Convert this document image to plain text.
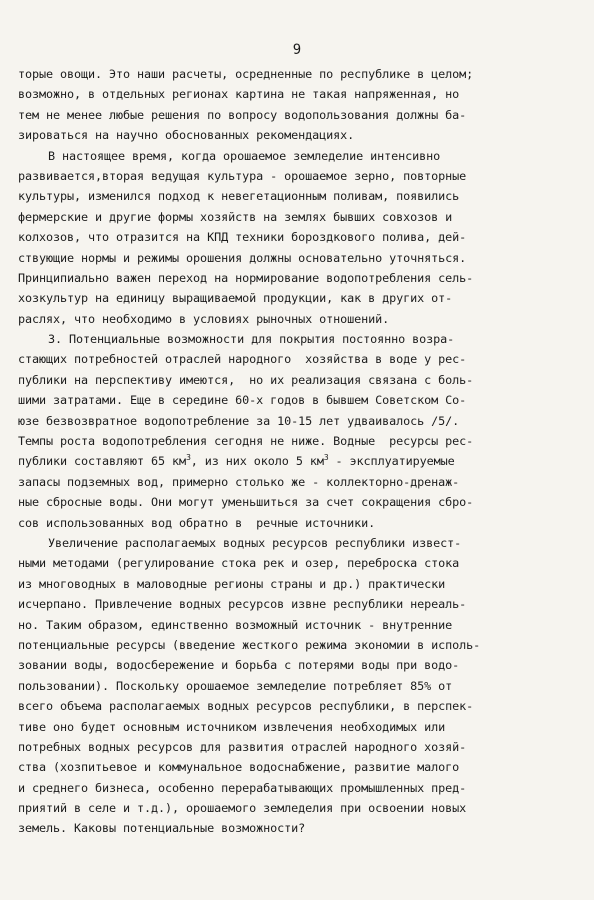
9
торые овощи. Это наши расчеты, осредненные по республике в целом;
возможно, в отдельных регионах картина не такая напряженная, но
тем не менее любые решения по вопросу водопользования должны ба-
зироваться на научно обоснованных рекомендациях.
В настоящее время, когда орошаемое земледелие интенсивно
развивается,вторая ведущая культура - орошаемое зерно, повторные
культуры, изменился подход к невегетационным поливам, появились
фермерские и другие формы хозяйств на землях бывших совхозов и
колхозов, что отразится на КПД техники бороздкового полива, дей-
ствующие нормы и режимы орошения должны основательно уточняться.
Принципиально важен переход на нормирование водопотребления сель-
хозкультур на единицу выращиваемой продукции, как в других от-
раслях, что необходимо в условиях рыночных отношений.
3. Потенциальные возможности для покрытия постоянно возра-
стающих потребностей отраслей народного  хозяйства в воде у рес-
публики на перспективу имеются,  но их реализация связана с боль-
шими затратами. Еще в середине 60-х годов в бывшем Советском Со-
юзе безвозвратное водопотребление за 10-15 лет удваивалось /5/.
Темпы роста водопотребления сегодня не ниже. Водные  ресурсы рес-
публики составляют 65 $км^3$, из них около 5 $км^3$ - эксплуатируемые
запасы подземных вод, примерно столько же - коллекторно-дренаж-
ные сбросные воды. Они могут уменьшиться за счет сокращения сбро-
сов использованных вод обратно в  речные источники.
Увеличение располагаемых водных ресурсов республики извест-
ными методами (регулирование стока рек и озер, переброска стока
из многоводных в маловодные регионы страны и др.) практически
исчерпано. Привлечение водных ресурсов извне республики нереаль-
но. Таким образом, единственно возможный источник - внутренние
потенциальные ресурсы (введение жесткого режима экономии в исполь-
зовании воды, водосбережение и борьба с потерями воды при водо-
пользовании). Поскольку орошаемое земледелие потребляет 85% от
всего объема располагаемых водных ресурсов республики, в перспек-
тиве оно будет основным источником извлечения необходимых или
потребных водных ресурсов для развития отраслей народного хозяй-
ства (хозпитьевое и коммунальное водоснабжение, развитие малого
и среднего бизнеса, особенно перерабатывающих промышленных пред-
приятий в селе и т.д.), орошаемого земледелия при освоении новых
земель. Каковы потенциальные возможности?
